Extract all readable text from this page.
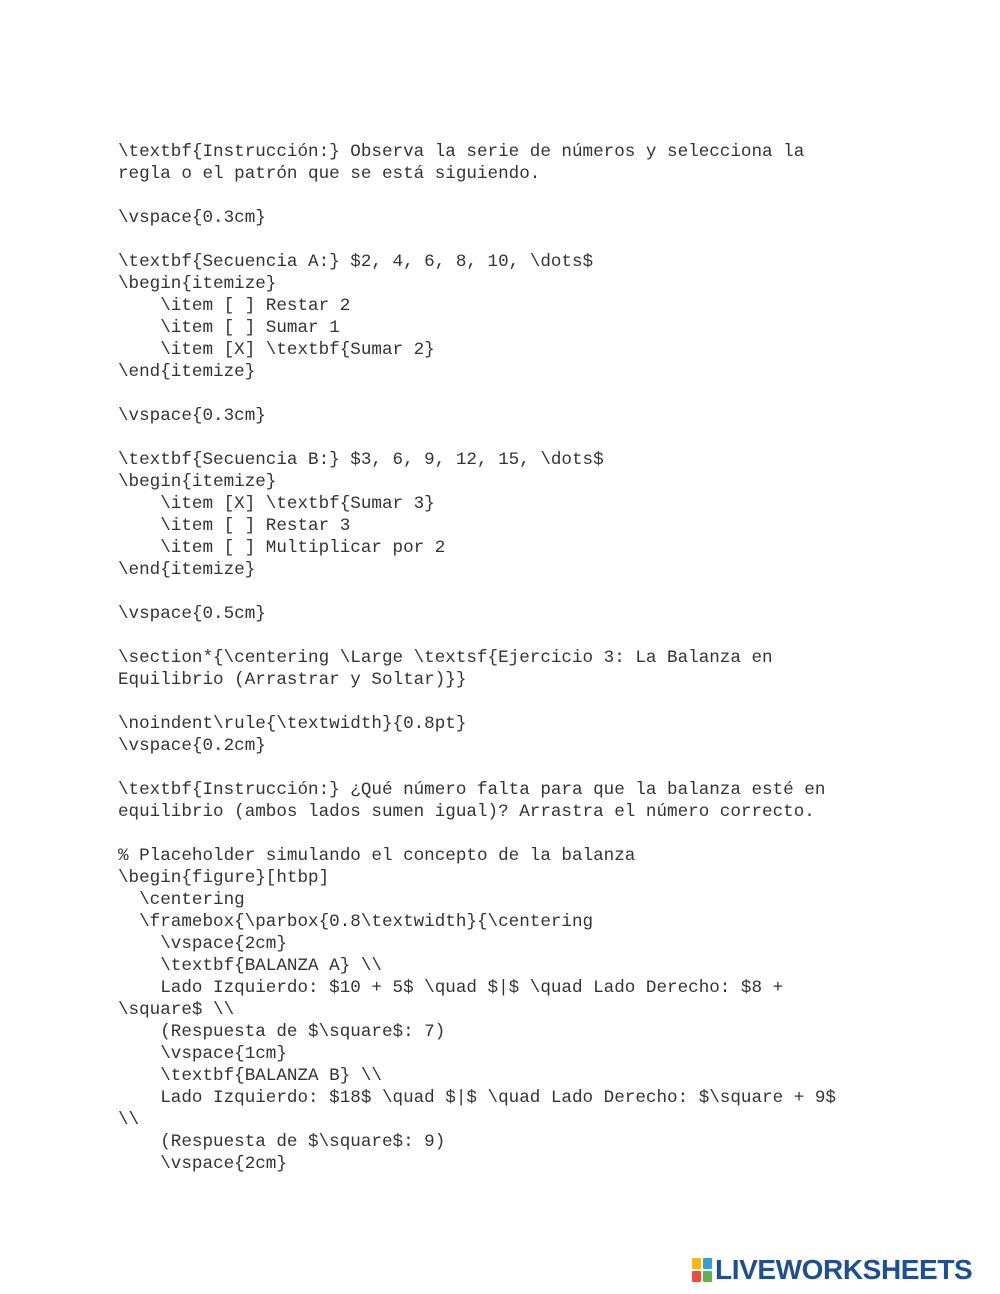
\textbf{Instrucción:} Observa la serie de números y selecciona la
regla o el patrón que se está siguiendo.
\vspace{0.3cm}
\textbf{Secuencia A:} $2, 4, 6, 8, 10, \dots$
\begin{itemize}
\item [ ] Restar 2
\item [ ] Sumar 1
\item [X] \textbf{Sumar 2}
\end{itemize}
\vspace{0.3cm}
\textbf{Secuencia B:} $3, 6, 9, 12, 15, \dots$
\begin{itemize}
\item [X] \textbf{Sumar 3}
\item [ ] Restar 3
\item [ ] Multiplicar por 2
\end{itemize}
\vspace{0.5cm}
\section*{\centering \Large \textsf{Ejercicio 3: La Balanza en
Equilibrio (Arrastrar y Soltar)}}
\noindent\rule{\textwidth}{0.8pt}
\vspace{0.2cm}
\textbf{Instrucción:} ¿Qué número falta para que la balanza esté en
equilibrio (ambos lados sumen igual)? Arrastra el número correcto.
% Placeholder simulando el concepto de la balanza
\begin{figure}[htbp]
\centering
\framebox{\parbox{0.8\textwidth}{\centering
\vspace{2cm}
\textbf{BALANZA A} \\
Lado Izquierdo: $10 + 5$ \quad $|$ \quad Lado Derecho: $8 +
\square$ \\
(Respuesta de $\square$: 7)
\vspace{1cm}
\textbf{BALANZA B} \\
Lado Izquierdo: $18$ \quad $|$ \quad Lado Derecho: $\square + 9$
\\
(Respuesta de $\square$: 9)
\vspace{2cm}
LIVEWORKSHEETS
